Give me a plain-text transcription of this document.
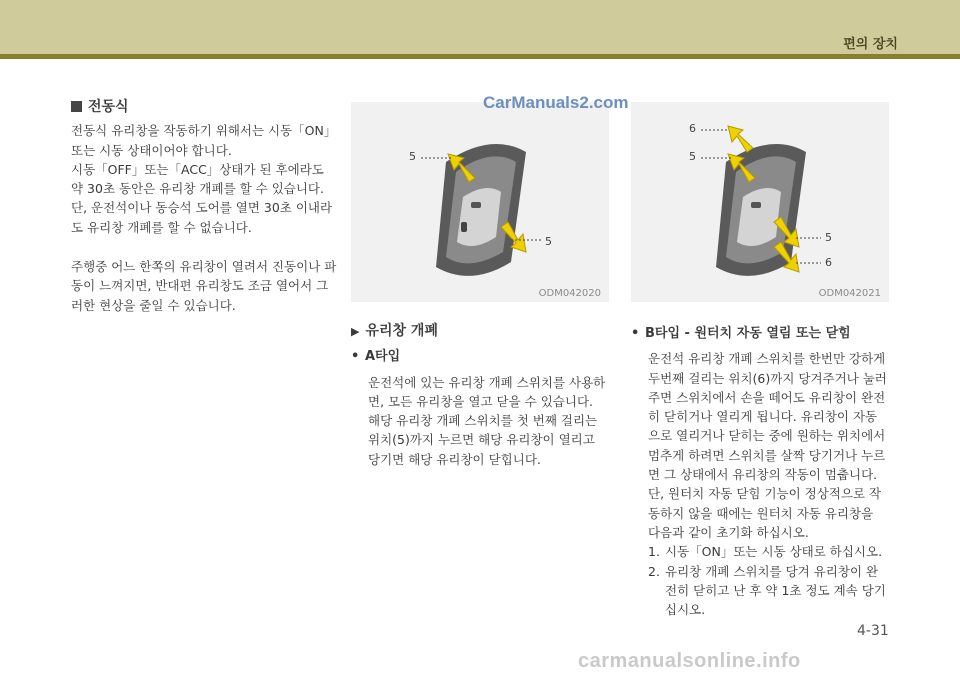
편의 장치

전동식

전동식 유리창을 작동하기 위해서는 시동「ON」 또는 시동 상태이어야 합니다.

시동「OFF」또는「ACC」상태가 된 후에라도 약 30초 동안은 유리창 개폐를 할 수 있습니다.

단, 운전석이나 동승석 도어를 열면 30초 이내라도 유리창 개폐를 할 수 없습니다.

주행중 어느 한쪽의 유리창이 열려서 진동이나 파동이 느껴지면, 반대편 유리창도 조금 열어서 그러한 현상을 줄일 수 있습니다.

5
5
ODM042020
6
5
5
6
ODM042021
CarManuals2.com

▶ 유리창 개폐

• A타입

운전석에 있는 유리창 개폐 스위치를 사용하면, 모든 유리창을 열고 닫을 수 있습니다.

해당 유리창 개폐 스위치를 첫 번째 걸리는 위치(5)까지 누르면 해당 유리창이 열리고 당기면 해당 유리창이 닫힙니다.

• B타입 - 원터치 자동 열림 또는 닫힘

운전석 유리창 개폐 스위치를 한번만 강하게 두번째 걸리는 위치(6)까지 당겨주거나 눌러주면 스위치에서 손을 떼어도 유리창이 완전히 닫히거나 열리게 됩니다. 유리창이 자동으로 열리거나 닫히는 중에 원하는 위치에서 멈추게 하려면 스위치를 살짝 당기거나 누르면 그 상태에서 유리창의 작동이 멈춥니다.

단, 원터치 자동 닫힘 기능이 정상적으로 작동하지 않을 때에는 원터치 자동 유리창을 다음과 같이 초기화 하십시오.

1. 시동「ON」또는 시동 상태로 하십시오.
2. 유리창 개폐 스위치를 당겨 유리창이 완전히 닫히고 난 후 약 1초 정도 계속 당기십시오.
4-31
carmanualsonline.info
